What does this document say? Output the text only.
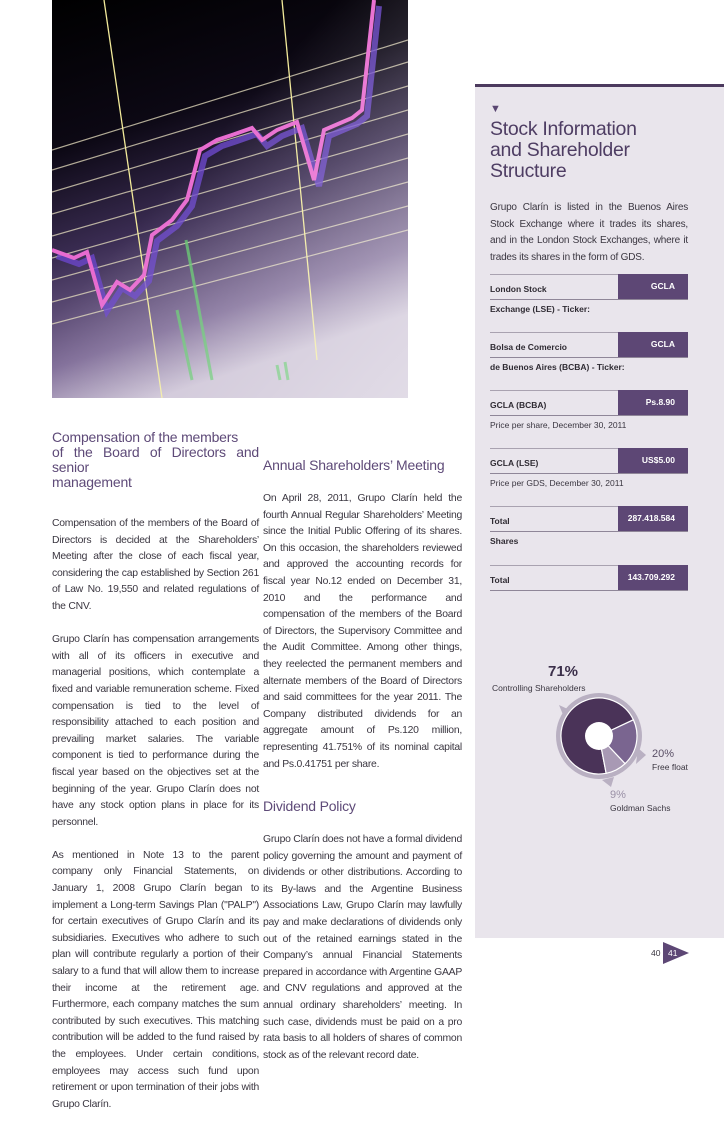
Compensation of the members
of the Board of Directors and senior
management

Compensation of the members of the Board of Directors is decided at the Shareholders’ Meeting after the close of each fiscal year, considering the cap established by Section 261 of Law No. 19,550 and related regulations of the CNV.

Grupo Clarín has compensation arrangements with all of its officers in executive and managerial positions, which contemplate a fixed and variable remuneration scheme. Fixed compensation is tied to the level of responsibility attached to each position and prevailing market salaries. The variable component is tied to performance during the fiscal year based on the objectives set at the beginning of the year. Grupo Clarín does not have any stock option plans in place for its personnel.

As mentioned in Note 13 to the parent company only Financial Statements, on January 1, 2008 Grupo Clarín began to implement a Long-term Savings Plan ("PALP") for certain executives of Grupo Clarín and its subsidiaries. Executives who adhere to such plan will contribute regularly a portion of their salary to a fund that will allow them to increase their income at the retirement age. Furthermore, each company matches the sum contributed by such executives. This matching contribution will be added to the fund raised by the employees. Under certain conditions, employees may access such fund upon retirement or upon termination of their jobs with Grupo Clarín.

Annual Shareholders’ Meeting

On April 28, 2011, Grupo Clarín held the fourth Annual Regular Shareholders’ Meeting since the Initial Public Offering of its shares. On this occasion, the shareholders reviewed and approved the accounting records for fiscal year No.12 ended on December 31, 2010 and the performance and compensation of the members of the Board of Directors, the Supervisory Committee and the Audit Committee. Among other things, they reelected the permanent members and alternate members of the Board of Directors and said committees for the year 2011. The Company distributed dividends for an aggregate amount of Ps.120 million, representing 41.751% of its nominal capital and Ps.0.41751 per share.

Dividend Policy

Grupo Clarín does not have a formal dividend policy governing the amount and payment of dividends or other distributions. According to its By-laws and the Argentine Business Associations Law, Grupo Clarín may lawfully pay and make declarations of dividends only out of the retained earnings stated in the Company’s annual Financial Statements prepared in accordance with Argentine GAAP and CNV regulations and approved at the annual ordinary shareholders’ meeting. In such case, dividends must be paid on a pro rata basis to all holders of shares of common stock as of the relevant record date.

▼
Stock Information
and Shareholder
Structure
Grupo Clarín is listed in the Buenos Aires Stock Exchange where it trades its shares, and in the London Stock Exchanges, where it trades its shares in the form of GDS.
London Stock
Exchange (LSE) - Ticker:
GCLA
Bolsa de Comercio
de Buenos Aires (BCBA) - Ticker:
GCLA
GCLA (BCBA)
Price per share, December 30, 2011
Ps.8.90
GCLA (LSE)
Price per GDS, December 30, 2011
US$5.00
Total
Shares
287.418.584
Total	143.709.292
71%
Controlling Shareholders
20%
Free float
9%
Goldman Sachs
40 41
